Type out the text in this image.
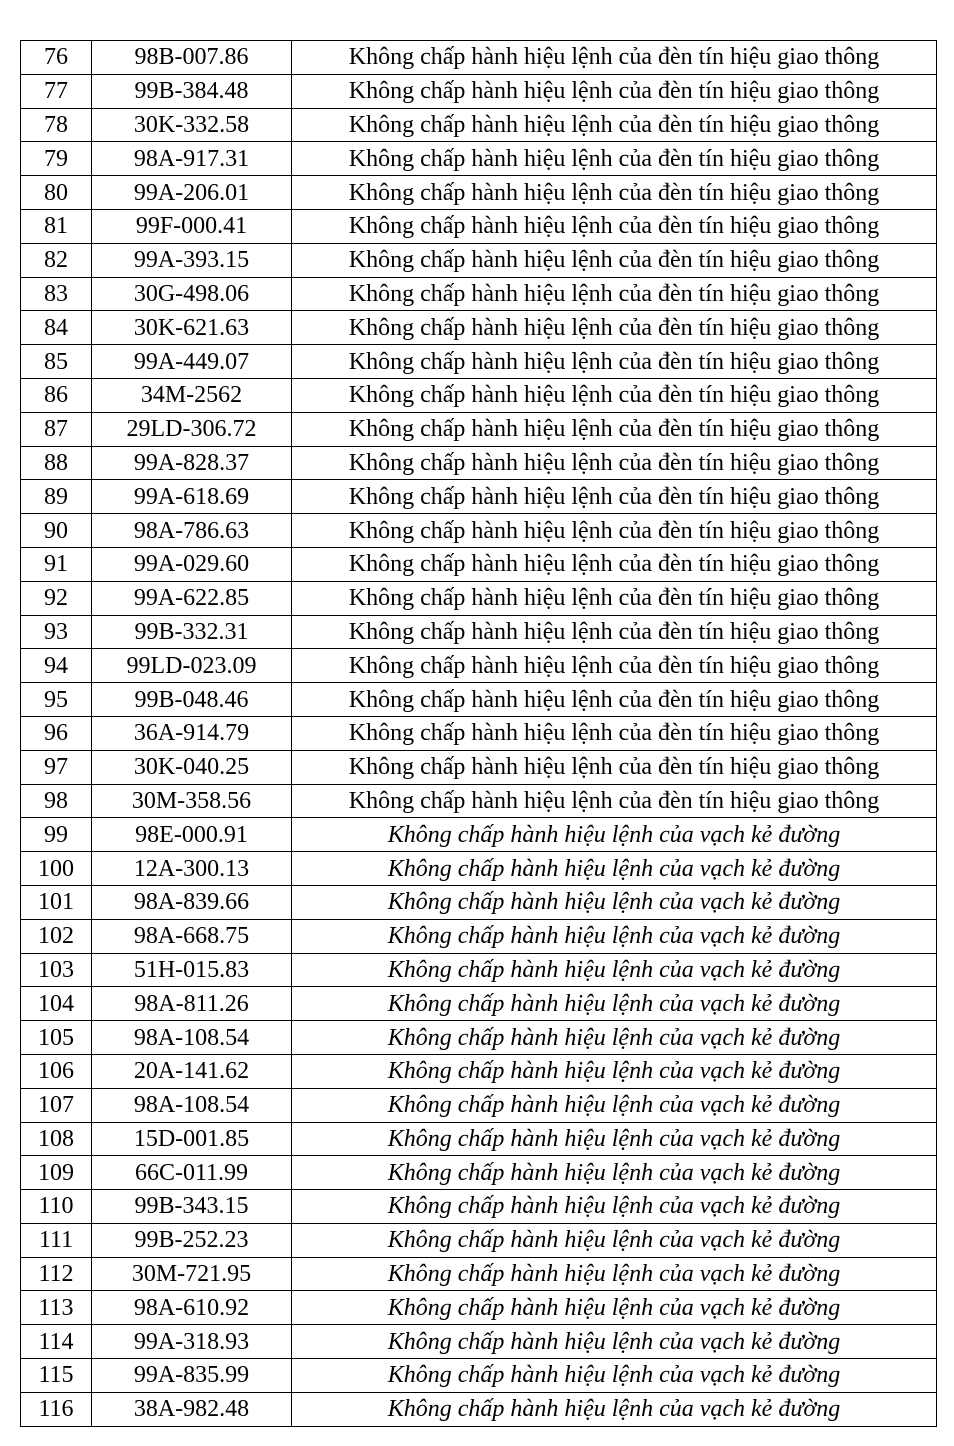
76	98B-007.86	Không chấp hành hiệu lệnh của đèn tín hiệu giao thông
77	99B-384.48	Không chấp hành hiệu lệnh của đèn tín hiệu giao thông
78	30K-332.58	Không chấp hành hiệu lệnh của đèn tín hiệu giao thông
79	98A-917.31	Không chấp hành hiệu lệnh của đèn tín hiệu giao thông
80	99A-206.01	Không chấp hành hiệu lệnh của đèn tín hiệu giao thông
81	99F-000.41	Không chấp hành hiệu lệnh của đèn tín hiệu giao thông
82	99A-393.15	Không chấp hành hiệu lệnh của đèn tín hiệu giao thông
83	30G-498.06	Không chấp hành hiệu lệnh của đèn tín hiệu giao thông
84	30K-621.63	Không chấp hành hiệu lệnh của đèn tín hiệu giao thông
85	99A-449.07	Không chấp hành hiệu lệnh của đèn tín hiệu giao thông
86	34M-2562	Không chấp hành hiệu lệnh của đèn tín hiệu giao thông
87	29LD-306.72	Không chấp hành hiệu lệnh của đèn tín hiệu giao thông
88	99A-828.37	Không chấp hành hiệu lệnh của đèn tín hiệu giao thông
89	99A-618.69	Không chấp hành hiệu lệnh của đèn tín hiệu giao thông
90	98A-786.63	Không chấp hành hiệu lệnh của đèn tín hiệu giao thông
91	99A-029.60	Không chấp hành hiệu lệnh của đèn tín hiệu giao thông
92	99A-622.85	Không chấp hành hiệu lệnh của đèn tín hiệu giao thông
93	99B-332.31	Không chấp hành hiệu lệnh của đèn tín hiệu giao thông
94	99LD-023.09	Không chấp hành hiệu lệnh của đèn tín hiệu giao thông
95	99B-048.46	Không chấp hành hiệu lệnh của đèn tín hiệu giao thông
96	36A-914.79	Không chấp hành hiệu lệnh của đèn tín hiệu giao thông
97	30K-040.25	Không chấp hành hiệu lệnh của đèn tín hiệu giao thông
98	30M-358.56	Không chấp hành hiệu lệnh của đèn tín hiệu giao thông
99	98E-000.91	Không chấp hành hiệu lệnh của vạch kẻ đường
100	12A-300.13	Không chấp hành hiệu lệnh của vạch kẻ đường
101	98A-839.66	Không chấp hành hiệu lệnh của vạch kẻ đường
102	98A-668.75	Không chấp hành hiệu lệnh của vạch kẻ đường
103	51H-015.83	Không chấp hành hiệu lệnh của vạch kẻ đường
104	98A-811.26	Không chấp hành hiệu lệnh của vạch kẻ đường
105	98A-108.54	Không chấp hành hiệu lệnh của vạch kẻ đường
106	20A-141.62	Không chấp hành hiệu lệnh của vạch kẻ đường
107	98A-108.54	Không chấp hành hiệu lệnh của vạch kẻ đường
108	15D-001.85	Không chấp hành hiệu lệnh của vạch kẻ đường
109	66C-011.99	Không chấp hành hiệu lệnh của vạch kẻ đường
110	99B-343.15	Không chấp hành hiệu lệnh của vạch kẻ đường
111	99B-252.23	Không chấp hành hiệu lệnh của vạch kẻ đường
112	30M-721.95	Không chấp hành hiệu lệnh của vạch kẻ đường
113	98A-610.92	Không chấp hành hiệu lệnh của vạch kẻ đường
114	99A-318.93	Không chấp hành hiệu lệnh của vạch kẻ đường
115	99A-835.99	Không chấp hành hiệu lệnh của vạch kẻ đường
116	38A-982.48	Không chấp hành hiệu lệnh của vạch kẻ đường
